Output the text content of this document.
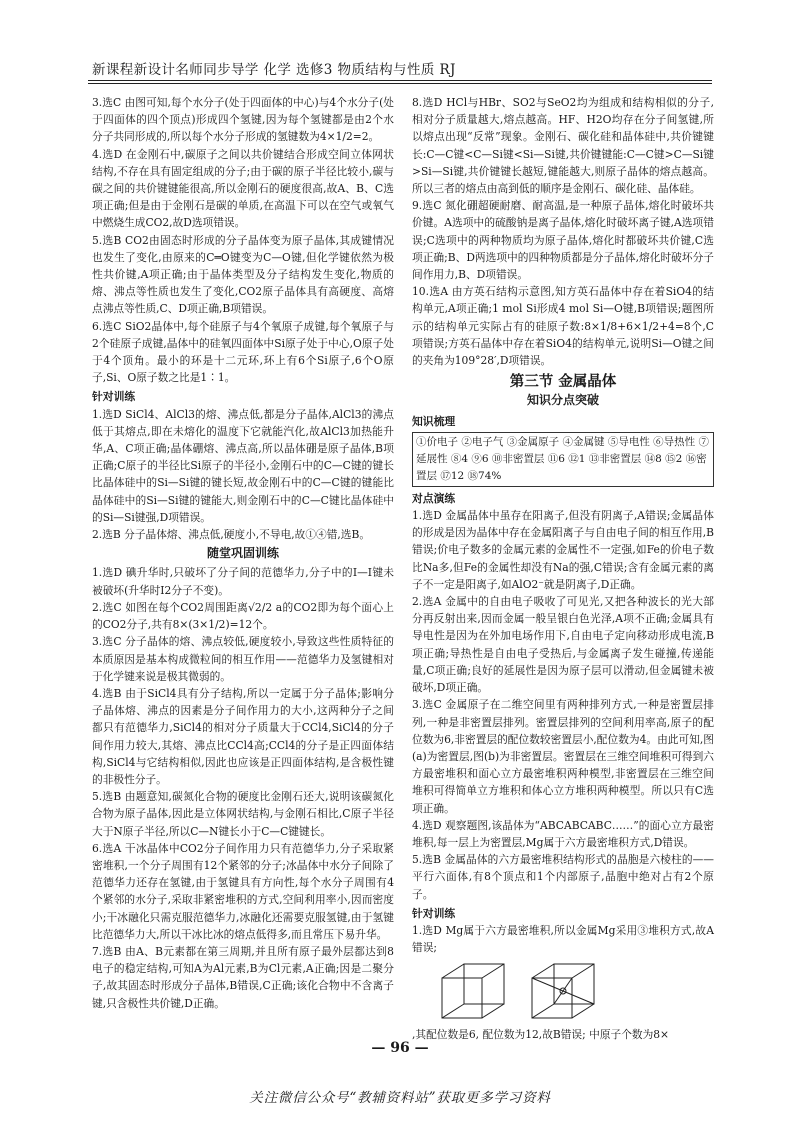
新课程新设计名师同步导学 化学 选修3 物质结构与性质 RJ

3.选C 由图可知,每个水分子(处于四面体的中心)与4个水分子(处于四面体的四个顶点)形成四个氢键,因为每个氢键都是由2个水分子共同形成的,所以每个水分子形成的氢键数为4×1/2=2。

4.选D 在金刚石中,碳原子之间以共价键结合形成空间立体网状结构,不存在具有固定组成的分子;由于碳的原子半径比较小,碳与碳之间的共价键键能很高,所以金刚石的硬度很高,故A、B、C选项正确;但是由于金刚石是碳的单质,在高温下可以在空气或氧气中燃烧生成CO2,故D选项错误。

5.选B CO2由固态时形成的分子晶体变为原子晶体,其成键情况也发生了变化,由原来的C═O键变为C—O键,但化学键依然为极性共价键,A项正确;由于晶体类型及分子结构发生变化,物质的熔、沸点等性质也发生了变化,CO2原子晶体具有高硬度、高熔点沸点等性质,C、D项正确,B项错误。

6.选C SiO2晶体中,每个硅原子与4个氧原子成键,每个氧原子与2个硅原子成键,晶体中的硅氧四面体中Si原子处于中心,O原子处于4个顶角。最小的环是十二元环,环上有6个Si原子,6个O原子,Si、O原子数之比是1∶1。

针对训练

1.选D SiCl4、AlCl3的熔、沸点低,都是分子晶体,AlCl3的沸点低于其熔点,即在未熔化的温度下它就能汽化,故AlCl3加热能升华,A、C项正确;晶体硼熔、沸点高,所以晶体硼是原子晶体,B项正确;C原子的半径比Si原子的半径小,金刚石中的C—C键的键长比晶体硅中的Si—Si键的键长短,故金刚石中的C—C键的键能比晶体硅中的Si—Si键的键能大,则金刚石中的C—C键比晶体硅中的Si—Si键强,D项错误。

2.选B 分子晶体熔、沸点低,硬度小,不导电,故①④错,选B。

随堂巩固训练

1.选D 碘升华时,只破坏了分子间的范德华力,分子中的I—I键未被破坏(升华时I2分子不变)。

2.选C 如图在每个CO2周围距离√2/2 a的CO2即为每个面心上的CO2分子,共有8×(3×1/2)=12个。

3.选C 分子晶体的熔、沸点较低,硬度较小,导致这些性质特征的本质原因是基本构成微粒间的相互作用——范德华力及氢键相对于化学键来说是极其微弱的。

4.选B 由于SiCl4具有分子结构,所以一定属于分子晶体;影响分子晶体熔、沸点的因素是分子间作用力的大小,这两种分子之间都只有范德华力,SiCl4的相对分子质量大于CCl4,SiCl4的分子间作用力较大,其熔、沸点比CCl4高;CCl4的分子是正四面体结构,SiCl4与它结构相似,因此也应该是正四面体结构,是含极性键的非极性分子。

5.选B 由题意知,碳氮化合物的硬度比金刚石还大,说明该碳氮化合物为原子晶体,因此是立体网状结构,与金刚石相比,C原子半径大于N原子半径,所以C—N键长小于C—C键键长。

6.选A 干冰晶体中CO2分子间作用力只有范德华力,分子采取紧密堆积,一个分子周围有12个紧邻的分子;冰晶体中水分子间除了范德华力还存在氢键,由于氢键具有方向性,每个水分子周围有4个紧邻的水分子,采取非紧密堆积的方式,空间利用率小,因而密度小;干冰融化只需克服范德华力,冰融化还需要克服氢键,由于氢键比范德华力大,所以干冰比冰的熔点低得多,而且常压下易升华。

7.选B 由A、B元素都在第三周期,并且所有原子最外层都达到8电子的稳定结构,可知A为Al元素,B为Cl元素,A正确;因是二聚分子,故其固态时形成分子晶体,B错误,C正确;该化合物中不含离子键,只含极性共价键,D正确。

8.选D HCl与HBr、SO2与SeO2均为组成和结构相似的分子,相对分子质量越大,熔点越高。HF、H2O均存在分子间氢键,所以熔点出现“反常”现象。金刚石、碳化硅和晶体硅中,共价键键长:C—C键<C—Si键<Si—Si键,共价键键能:C—C键>C—Si键>Si—Si键,共价键键长越短,键能越大,则原子晶体的熔点越高。所以三者的熔点由高到低的顺序是金刚石、碳化硅、晶体硅。

9.选C 氮化硼超硬耐磨、耐高温,是一种原子晶体,熔化时破坏共价键。A选项中的硫酸钠是离子晶体,熔化时破坏离子键,A选项错误;C选项中的两种物质均为原子晶体,熔化时都破坏共价键,C选项正确;B、D两选项中的四种物质都是分子晶体,熔化时破坏分子间作用力,B、D项错误。

10.选A 由方英石结构示意图,知方英石晶体中存在着SiO4的结构单元,A项正确;1 mol Si形成4 mol Si—O键,B项错误;题图所示的结构单元实际占有的硅原子数:8×1/8+6×1/2+4=8个,C项错误;方英石晶体中存在着SiO4的结构单元,说明Si—O键之间的夹角为109°28′,D项错误。

第三节 金属晶体
知识分点突破
知识梳理
①价电子 ②电子气 ③金属原子 ④金属键 ⑤导电性 ⑥导热性 ⑦延展性 ⑧4 ⑨6 ⑩非密置层 ⑪6 ⑫1 ⑬非密置层 ⑭8 ⑮2 ⑯密置层 ⑰12 ⑱74%
对点演练

1.选D 金属晶体中虽存在阳离子,但没有阴离子,A错误;金属晶体的形成是因为晶体中存在金属阳离子与自由电子间的相互作用,B错误;价电子数多的金属元素的金属性不一定强,如Fe的价电子数比Na多,但Fe的金属性却没有Na的强,C错误;含有金属元素的离子不一定是阳离子,如AlO2⁻就是阴离子,D正确。

2.选A 金属中的自由电子吸收了可见光,又把各种波长的光大部分再反射出来,因而金属一般呈银白色光泽,A项不正确;金属具有导电性是因为在外加电场作用下,自由电子定向移动形成电流,B项正确;导热性是自由电子受热后,与金属离子发生碰撞,传递能量,C项正确;良好的延展性是因为原子层可以滑动,但金属键未被破坏,D项正确。

3.选C 金属原子在二维空间里有两种排列方式,一种是密置层排列,一种是非密置层排列。密置层排列的空间利用率高,原子的配位数为6,非密置层的配位数较密置层小,配位数为4。由此可知,图(a)为密置层,图(b)为非密置层。密置层在三维空间堆积可得到六方最密堆积和面心立方最密堆积两种模型,非密置层在三维空间堆积可得简单立方堆积和体心立方堆积两种模型。所以只有C选项正确。

4.选D 观察题图,该晶体为“ABCABCABC……”的面心立方最密堆积,每一层上为密置层,Mg属于六方最密堆积方式,D错误。

5.选B 金属晶体的六方最密堆积结构形式的晶胞是六棱柱的——平行六面体,有8个顶点和1个内部原子,晶胞中绝对占有2个原子。

针对训练

1.选D Mg属于六方最密堆积,所以金属Mg采用③堆积方式,故A错误;

,其配位数是6, 配位数为12,故B错误; 中原子个数为8×

— 96 —
关注微信公众号“教辅资料站”获取更多学习资料
